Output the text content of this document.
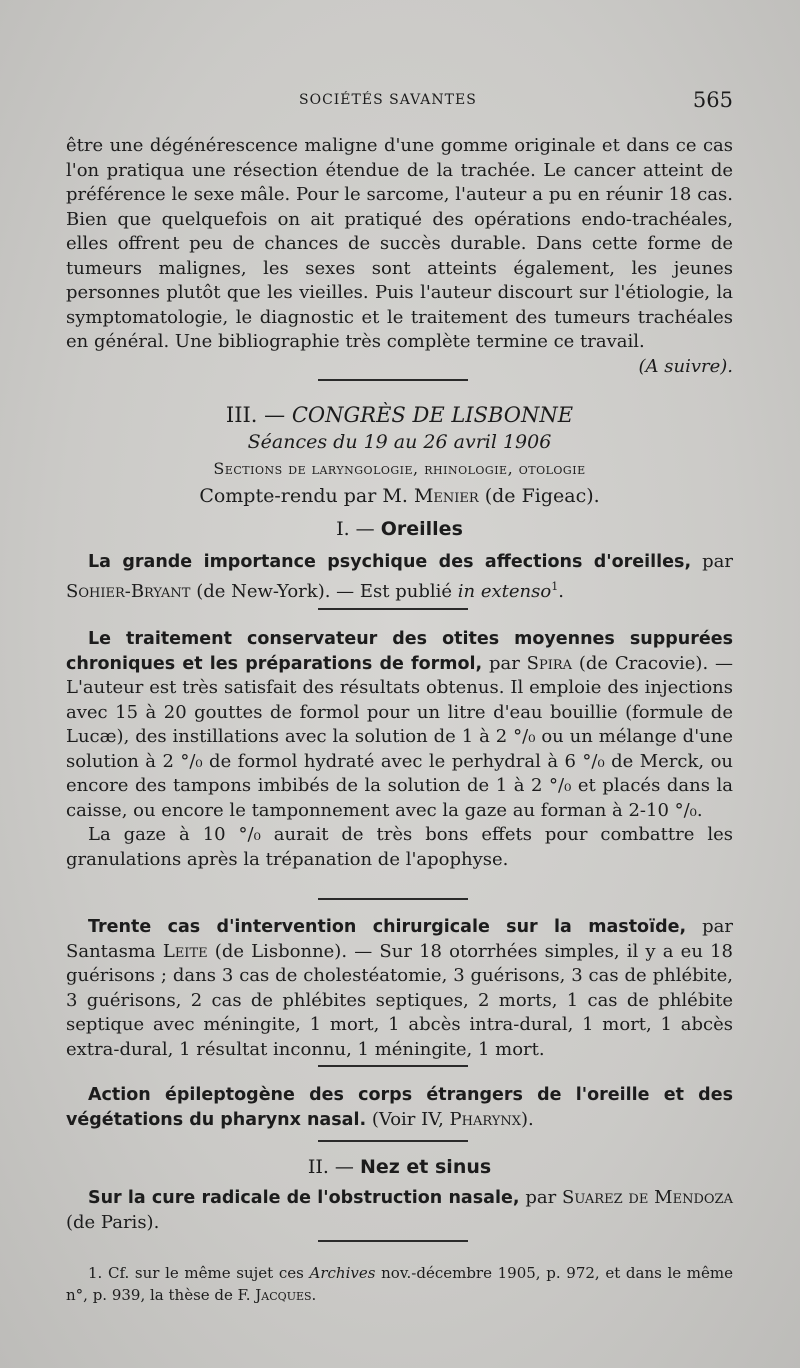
SOCIÉTÉS SAVANTES	565

être une dégénérescence maligne d'une gomme originale et dans ce cas l'on pratiqua une résection étendue de la trachée. Le cancer atteint de préférence le sexe mâle. Pour le sarcome, l'auteur a pu en réunir 18 cas. Bien que quelquefois on ait pratiqué des opérations endo-trachéales, elles offrent peu de chances de succès durable. Dans cette forme de tumeurs malignes, les sexes sont atteints également, les jeunes personnes plutôt que les vieilles. Puis l'auteur discourt sur l'étiologie, la symptomatologie, le diagnostic et le traitement des tumeurs trachéales en général. Une bibliographie très complète termine ce travail.
(A suivre).

III. — CONGRÈS DE LISBONNE
Séances du 19 au 26 avril 1906
Sections de laryngologie, rhinologie, otologie
Compte-rendu par M. Menier (de Figeac).
I. — Oreilles

La grande importance psychique des affections d'oreilles, par Sohier-Bryant (de New-York). — Est publié in extenso$^1$.

Le traitement conservateur des otites moyennes suppurées chroniques et les préparations de formol, par Spira (de Cracovie). — L'auteur est très satisfait des résultats obtenus. Il emploie des injections avec 15 à 20 gouttes de formol pour un litre d'eau bouillie (formule de Lucæ), des instillations avec la solution de 1 à 2 °/₀ ou un mélange d'une solution à 2 °/₀ de formol hydraté avec le perhydral à 6 °/₀ de Merck, ou encore des tampons imbibés de la solution de 1 à 2 °/₀ et placés dans la caisse, ou encore le tamponnement avec la gaze au forman à 2-10 °/₀.

La gaze à 10 °/₀ aurait de très bons effets pour combattre les granulations après la trépanation de l'apophyse.

Trente cas d'intervention chirurgicale sur la mastoïde, par Santasma Leite (de Lisbonne). — Sur 18 otorrhées simples, il y a eu 18 guérisons ; dans 3 cas de cholestéatomie, 3 guérisons, 3 cas de phlébite, 3 guérisons, 2 cas de phlébites septiques, 2 morts, 1 cas de phlébite septique avec méningite, 1 mort, 1 abcès intra-dural, 1 mort, 1 abcès extra-dural, 1 résultat inconnu, 1 méningite, 1 mort.

Action épileptogène des corps étrangers de l'oreille et des végétations du pharynx nasal. (Voir IV, Pharynx).

II. — Nez et sinus

Sur la cure radicale de l'obstruction nasale, par Suarez de Mendoza (de Paris).

1. Cf. sur le même sujet ces Archives nov.-décembre 1905, p. 972, et dans le même n°, p. 939, la thèse de F. Jacques.
